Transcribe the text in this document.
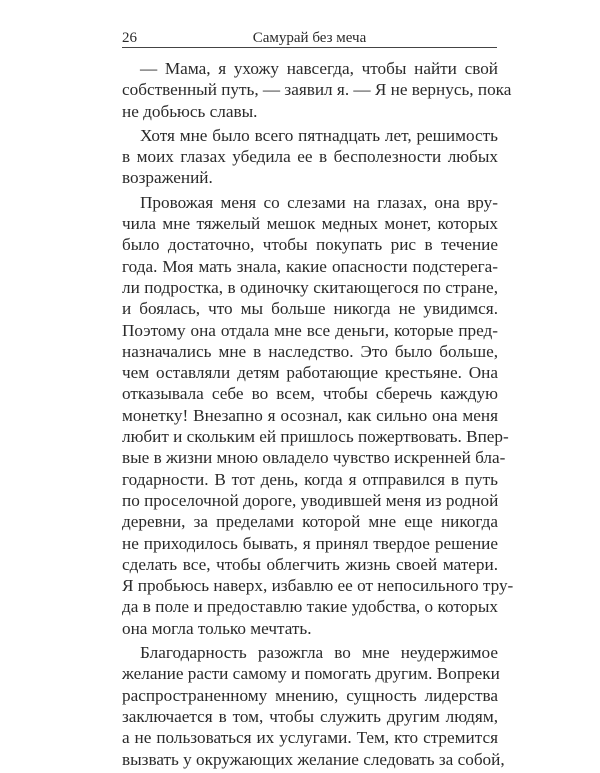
26	Самурай без меча
— Мама, я ухожу навсегда, чтобы найти свой
собственный путь, — заявил я. — Я не вернусь, пока
не добьюсь славы.
Хотя мне было всего пятнадцать лет, решимость
в моих глазах убедила ее в бесполезности любых
возражений.
Провожая меня со слезами на глазах, она вру-
чила мне тяжелый мешок медных монет, которых
было достаточно, чтобы покупать рис в течение
года. Моя мать знала, какие опасности подстерега-
ли подростка, в одиночку скитающегося по стране,
и боялась, что мы больше никогда не увидимся.
Поэтому она отдала мне все деньги, которые пред-
назначались мне в наследство. Это было больше,
чем оставляли детям работающие крестьяне. Она
отказывала себе во всем, чтобы сберечь каждую
монетку! Внезапно я осознал, как сильно она меня
любит и скольким ей пришлось пожертвовать. Впер-
вые в жизни мною овладело чувство искренней бла-
годарности. В тот день, когда я отправился в путь
по проселочной дороге, уводившей меня из родной
деревни, за пределами которой мне еще никогда
не приходилось бывать, я принял твердое решение
сделать все, чтобы облегчить жизнь своей матери.
Я пробьюсь наверх, избавлю ее от непосильного тру-
да в поле и предоставлю такие удобства, о которых
она могла только мечтать.
Благодарность разожгла во мне неудержимое
желание расти самому и помогать другим. Вопреки
распространенному мнению, сущность лидерства
заключается в том, чтобы служить другим людям,
а не пользоваться их услугами. Тем, кто стремится
вызвать у окружающих желание следовать за собой,
